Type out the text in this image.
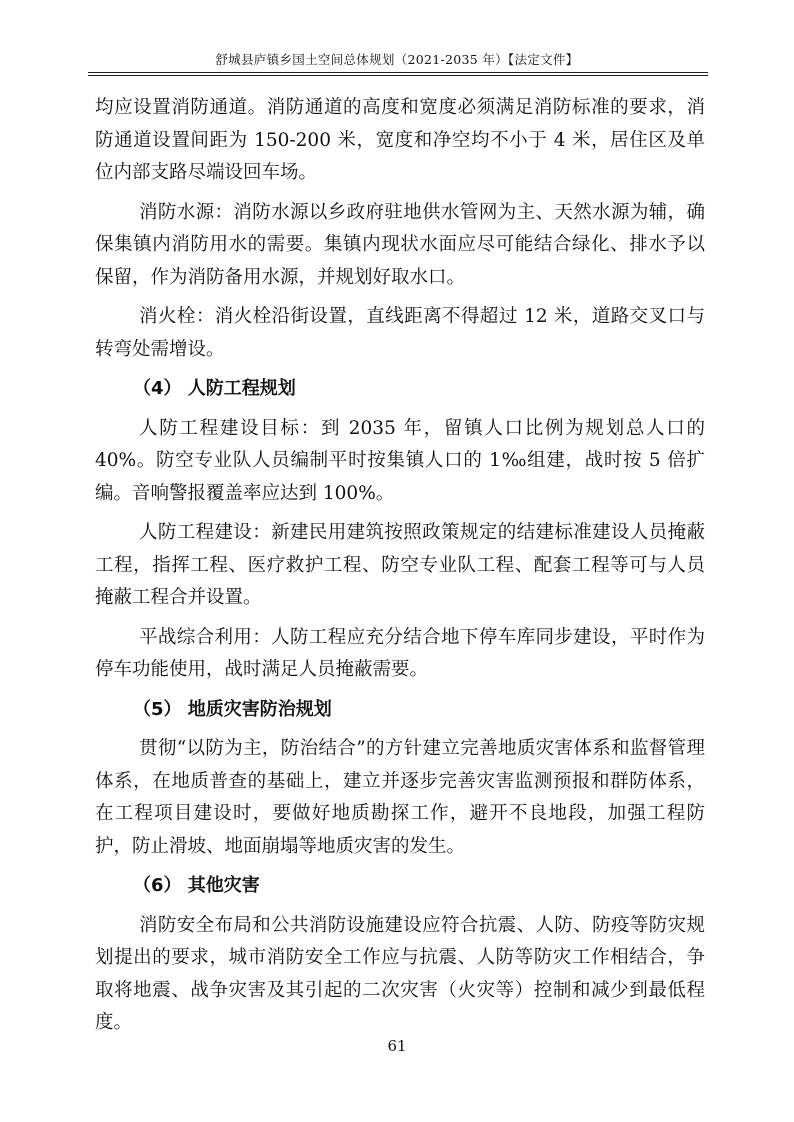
舒城县庐镇乡国土空间总体规划（2021-2035 年）【法定文件】

均应设置消防通道。消防通道的高度和宽度必须满足消防标准的要求，消防通道设置间距为 150-200 米，宽度和净空均不小于 4 米，居住区及单位内部支路尽端设回车场。

消防水源：消防水源以乡政府驻地供水管网为主、天然水源为辅，确保集镇内消防用水的需要。集镇内现状水面应尽可能结合绿化、排水予以保留，作为消防备用水源，并规划好取水口。

消火栓：消火栓沿街设置，直线距离不得超过 12 米，道路交叉口与转弯处需增设。

（4） 人防工程规划

人防工程建设目标：到 2035 年，留镇人口比例为规划总人口的 40%。防空专业队人员编制平时按集镇人口的 1‰组建，战时按 5 倍扩编。音响警报覆盖率应达到 100%。

人防工程建设：新建民用建筑按照政策规定的结建标准建设人员掩蔽工程，指挥工程、医疗救护工程、防空专业队工程、配套工程等可与人员掩蔽工程合并设置。

平战综合利用：人防工程应充分结合地下停车库同步建设，平时作为停车功能使用，战时满足人员掩蔽需要。

（5） 地质灾害防治规划

贯彻“以防为主，防治结合”的方针建立完善地质灾害体系和监督管理体系，在地质普查的基础上，建立并逐步完善灾害监测预报和群防体系，在工程项目建设时，要做好地质勘探工作，避开不良地段，加强工程防护，防止滑坡、地面崩塌等地质灾害的发生。

（6） 其他灾害

消防安全布局和公共消防设施建设应符合抗震、人防、防疫等防灾规划提出的要求，城市消防安全工作应与抗震、人防等防灾工作相结合，争取将地震、战争灾害及其引起的二次灾害（火灾等）控制和减少到最低程度。

61
